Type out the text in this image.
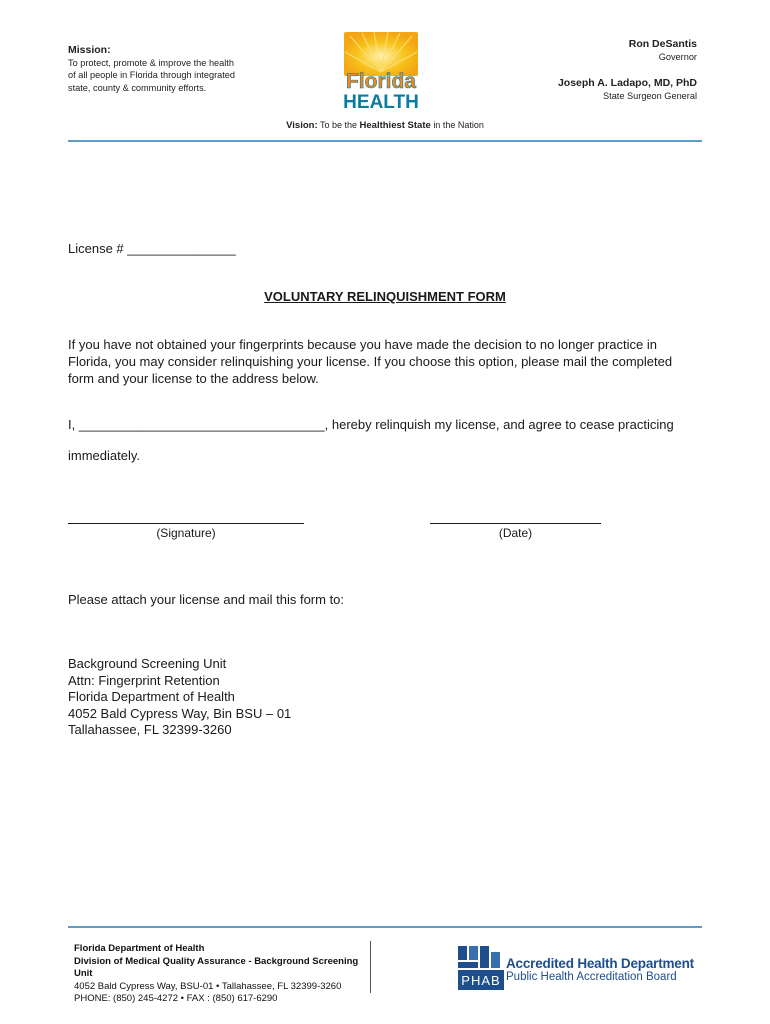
Mission:
To protect, promote & improve the health of all people in Florida through integrated state, county & community efforts.	Florida
HEALTH
Ron DeSantis
Governor
Joseph A. Ladapo, MD, PhD
State Surgeon General
Vision: To be the Healthiest State in the Nation
License # _______________
VOLUNTARY RELINQUISHMENT FORM
If you have not obtained your fingerprints because you have made the decision to no longer practice in Florida, you may consider relinquishing your license. If you choose this option, please mail the completed form and your license to the address below.
I, __________________________________, hereby relinquish my license, and agree to cease practicing
immediately.
(Signature)	(Date)
Please attach your license and mail this form to:
Background Screening Unit
Attn: Fingerprint Retention
Florida Department of Health
4052 Bald Cypress Way, Bin BSU – 01
Tallahassee, FL 32399-3260
Florida Department of Health
Division of Medical Quality Assurance - Background Screening Unit
4052 Bald Cypress Way, BSU-01 • Tallahassee, FL 32399-3260
PHONE: (850) 245-4272 • FAX : (850) 617-6290
PHAB
Accredited Health Department
Public Health Accreditation Board
